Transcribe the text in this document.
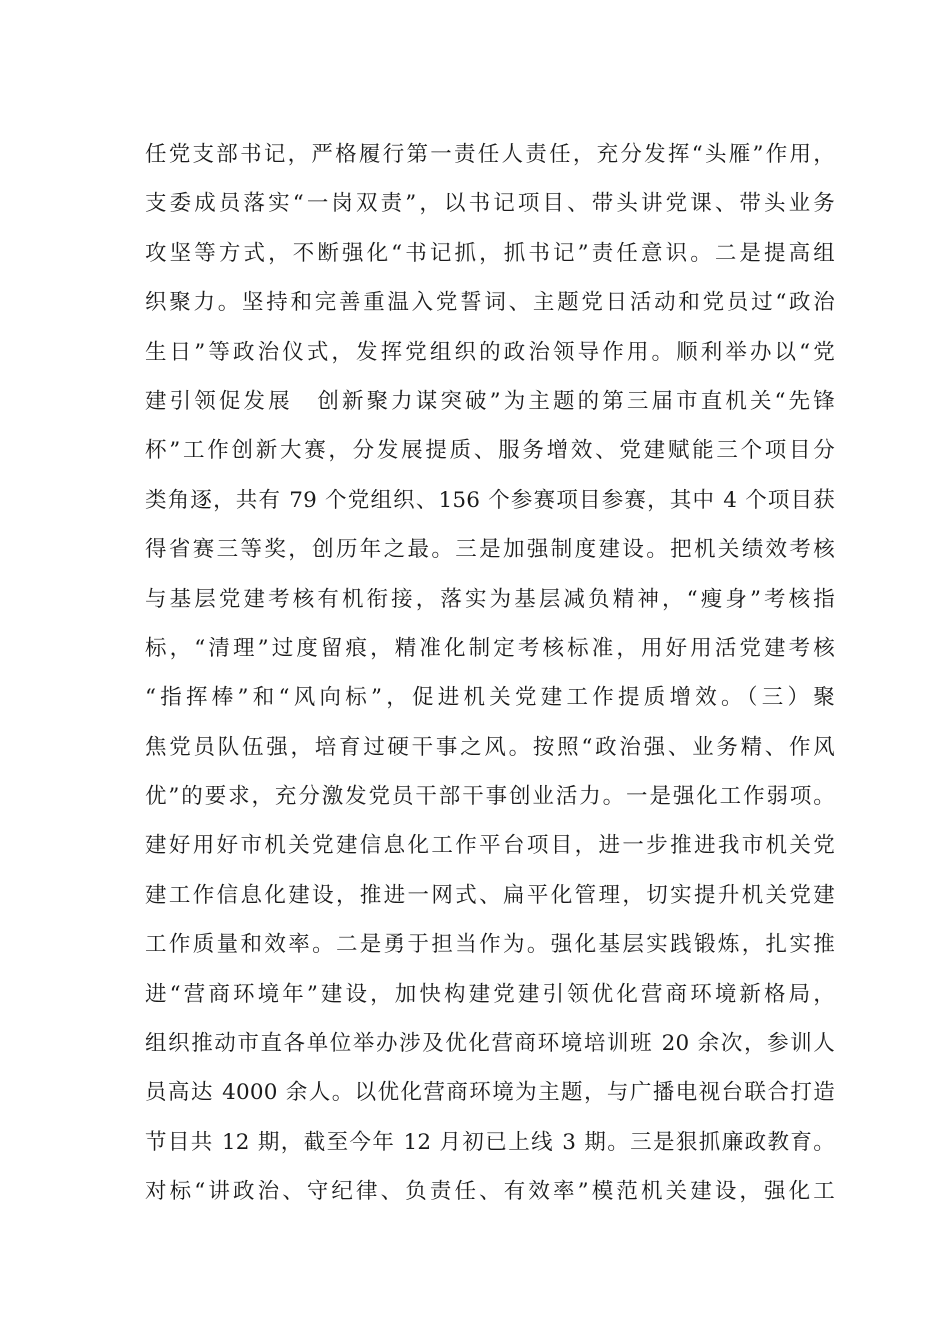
任党支部书记，严格履行第一责任人责任，充分发挥“头雁”作用，
支委成员落实“一岗双责”，以书记项目、带头讲党课、带头业务
攻坚等方式，不断强化“书记抓，抓书记”责任意识。二是提高组
织聚力。坚持和完善重温入党誓词、主题党日活动和党员过“政治
生日”等政治仪式，发挥党组织的政治领导作用。顺利举办以“党
建引领促发展　创新聚力谋突破”为主题的第三届市直机关“先锋
杯”工作创新大赛，分发展提质、服务增效、党建赋能三个项目分
类角逐，共有 79 个党组织、156 个参赛项目参赛，其中 4 个项目获
得省赛三等奖，创历年之最。三是加强制度建设。把机关绩效考核
与基层党建考核有机衔接，落实为基层减负精神，“瘦身”考核指
标，“清理”过度留痕，精准化制定考核标准，用好用活党建考核
“指挥棒”和“风向标”，促进机关党建工作提质增效。（三）聚
焦党员队伍强，培育过硬干事之风。按照“政治强、业务精、作风
优”的要求，充分激发党员干部干事创业活力。一是强化工作弱项。
建好用好市机关党建信息化工作平台项目，进一步推进我市机关党
建工作信息化建设，推进一网式、扁平化管理，切实提升机关党建
工作质量和效率。二是勇于担当作为。强化基层实践锻炼，扎实推
进“营商环境年”建设，加快构建党建引领优化营商环境新格局，
组织推动市直各单位举办涉及优化营商环境培训班 20 余次，参训人
员高达 4000 余人。以优化营商环境为主题，与广播电视台联合打造
节目共 12 期，截至今年 12 月初已上线 3 期。三是狠抓廉政教育。
对标“讲政治、守纪律、负责任、有效率”模范机关建设，强化工
